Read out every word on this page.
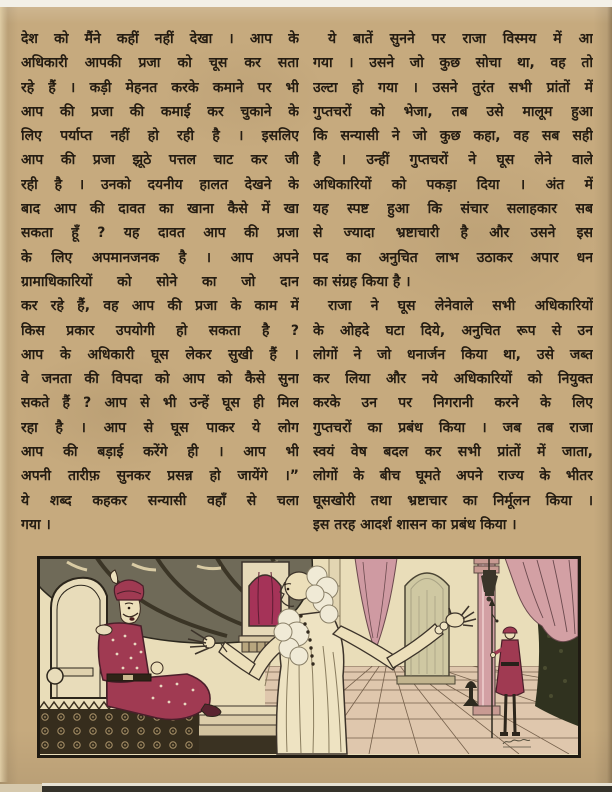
देश को मैंने कहीं नहीं देखा । आप के
अधिकारी आपकी प्रजा को चूस कर सता
रहे हैं । कड़ी मेहनत करके कमाने पर भी
आप की प्रजा की कमाई कर चुकाने के
लिए पर्याप्त नहीं हो रही है । इसलिए
आप की प्रजा झूठे पत्तल चाट कर जी
रही है । उनको दयनीय हालत देखने के
बाद आप की दावत का खाना कैसे में खा
सकता हूँ ? यह दावत आप की प्रजा
के लिए अपमानजनक है । आप अपने
ग्रामाधिकारियों को सोने का जो दान
कर रहे हैं, वह आप की प्रजा के काम में
किस प्रकार उपयोगी हो सकता है ?
आप के अधिकारी घूस लेकर सुखी हैं ।
वे जनता की विपदा को आप को कैसे सुना
सकते हैं ? आप से भी उन्हें घूस ही मिल
रहा है । आप से घूस पाकर ये लोग
आप की बड़ाई करेंगे ही । आप भी
अपनी तारीफ़ सुनकर प्रसन्न हो जायेंगे ।”
ये शब्द कहकर सन्यासी वहाँ से चला
गया ।
ये बातें सुनने पर राजा विस्मय में आ
गया । उसने जो कुछ सोचा था, वह तो
उल्टा हो गया । उसने तुरंत सभी प्रांतों में
गुप्तचरों को भेजा, तब उसे मालूम हुआ
कि सन्यासी ने जो कुछ कहा, वह सब सही
है । उन्हीं गुप्तचरों ने घूस लेने वाले
अधिकारियों को पकड़ा दिया । अंत में
यह स्पष्ट हुआ कि संचार सलाहकार सब
से ज्यादा भ्रष्टाचारी है और उसने इस
पद का अनुचित लाभ उठाकर अपार धन
का संग्रह किया है ।
राजा ने घूस लेनेवाले सभी अधिकारियों
के ओहदे घटा दिये, अनुचित रूप से उन
लोगों ने जो धनार्जन किया था, उसे जब्त
कर लिया और नये अधिकारियों को नियुक्त
करके उन पर निगरानी करने के लिए
गुप्तचरों का प्रबंध किया । जब तब राजा
स्वयं वेष बदल कर सभी प्रांतों में जाता,
लोगों के बीच घूमते अपने राज्य के भीतर
घूसखोरी तथा भ्रष्टाचार का निर्मूलन किया ।
इस तरह आदर्श शासन का प्रबंध किया ।
